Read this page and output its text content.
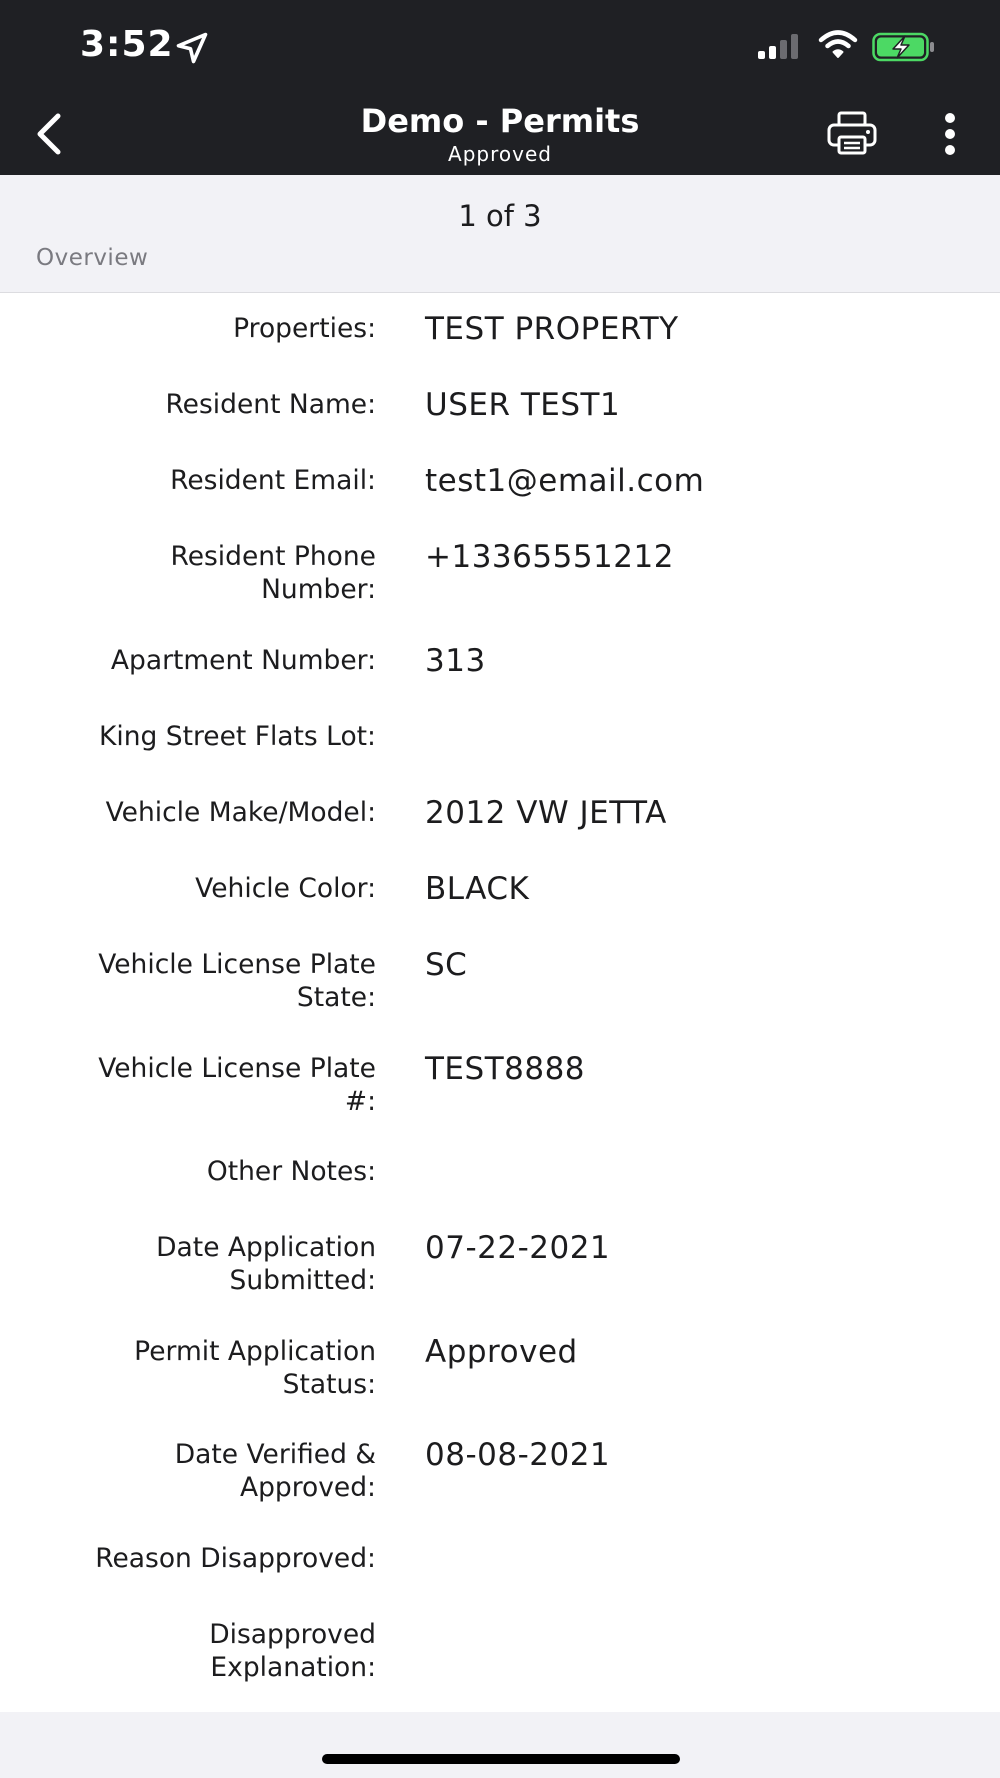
3:52
Demo - Permits
Approved
1 of 3
Overview
Properties: TEST PROPERTY
Resident Name: USER TEST1
Resident Email: test1@email.com
Resident Phone
Number:
+13365551212
Apartment Number: 313
King Street Flats Lot:
Vehicle Make/Model: 2012 VW JETTA
Vehicle Color: BLACK
Vehicle License Plate
State:
SC
Vehicle License Plate
#:
TEST8888
Other Notes:
Date Application
Submitted:
07-22-2021
Permit Application
Status:
Approved
Date Verified &
Approved:
08-08-2021
Reason Disapproved:
Disapproved
Explanation:
